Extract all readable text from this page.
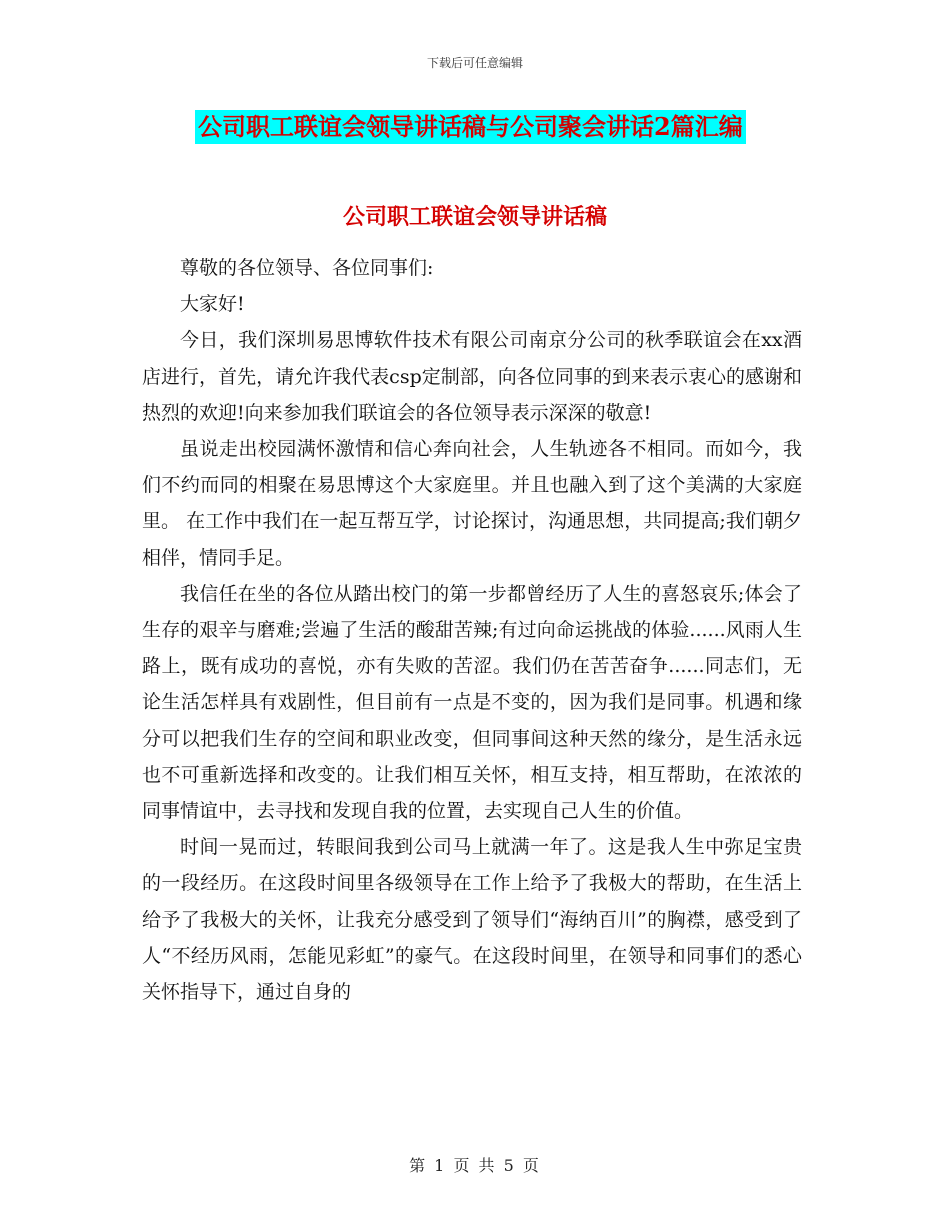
下载后可任意编辑
公司职工联谊会领导讲话稿与公司聚会讲话2篇汇编
公司职工联谊会领导讲话稿

尊敬的各位领导、各位同事们:

大家好!

今日，我们深圳易思博软件技术有限公司南京分公司的秋季联谊会在xx酒店进行，首先，请允许我代表csp定制部，向各位同事的到来表示衷心的感谢和热烈的欢迎!向来参加我们联谊会的各位领导表示深深的敬意!

虽说走出校园满怀激情和信心奔向社会，人生轨迹各不相同。而如今，我们不约而同的相聚在易思博这个大家庭里。并且也融入到了这个美满的大家庭里。 在工作中我们在一起互帮互学，讨论探讨，沟通思想，共同提高;我们朝夕相伴，情同手足。

我信任在坐的各位从踏出校门的第一步都曾经历了人生的喜怒哀乐;体会了生存的艰辛与磨难;尝遍了生活的酸甜苦辣;有过向命运挑战的体验......风雨人生路上，既有成功的喜悦，亦有失败的苦涩。我们仍在苦苦奋争......同志们，无论生活怎样具有戏剧性，但目前有一点是不变的，因为我们是同事。机遇和缘分可以把我们生存的空间和职业改变，但同事间这种天然的缘分，是生活永远也不可重新选择和改变的。让我们相互关怀，相互支持，相互帮助，在浓浓的同事情谊中，去寻找和发现自我的位置，去实现自己人生的价值。

时间一晃而过，转眼间我到公司马上就满一年了。这是我人生中弥足宝贵的一段经历。在这段时间里各级领导在工作上给予了我极大的帮助，在生活上给予了我极大的关怀，让我充分感受到了领导们“海纳百川”的胸襟，感受到了人“不经历风雨，怎能见彩虹”的豪气。在这段时间里，在领导和同事们的悉心关怀指导下，通过自身的

第 1 页 共 5 页
